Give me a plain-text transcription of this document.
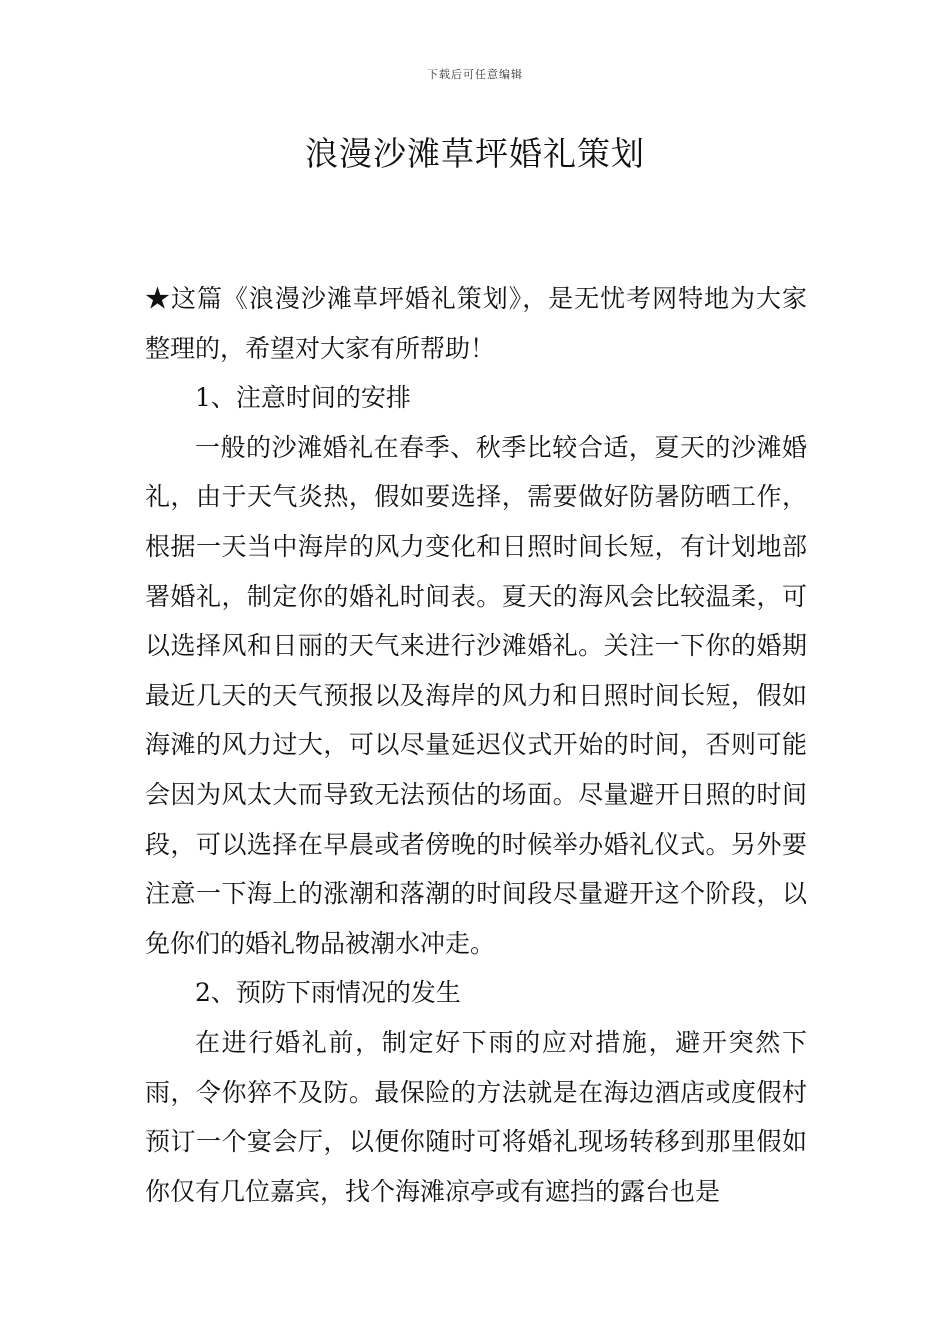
下载后可任意编辑
浪漫沙滩草坪婚礼策划

★这篇《浪漫沙滩草坪婚礼策划》，是无忧考网特地为大家整理的，希望对大家有所帮助！

1、注意时间的安排

一般的沙滩婚礼在春季、秋季比较合适，夏天的沙滩婚礼，由于天气炎热，假如要选择，需要做好防暑防晒工作，根据一天当中海岸的风力变化和日照时间长短，有计划地部署婚礼，制定你的婚礼时间表。夏天的海风会比较温柔，可以选择风和日丽的天气来进行沙滩婚礼。关注一下你的婚期最近几天的天气预报以及海岸的风力和日照时间长短，假如海滩的风力过大，可以尽量延迟仪式开始的时间，否则可能会因为风太大而导致无法预估的场面。尽量避开日照的时间段，可以选择在早晨或者傍晚的时候举办婚礼仪式。另外要注意一下海上的涨潮和落潮的时间段尽量避开这个阶段，以免你们的婚礼物品被潮水冲走。

2、预防下雨情况的发生

在进行婚礼前，制定好下雨的应对措施，避开突然下雨，令你猝不及防。最保险的方法就是在海边酒店或度假村预订一个宴会厅，以便你随时可将婚礼现场转移到那里假如你仅有几位嘉宾，找个海滩凉亭或有遮挡的露台也是
